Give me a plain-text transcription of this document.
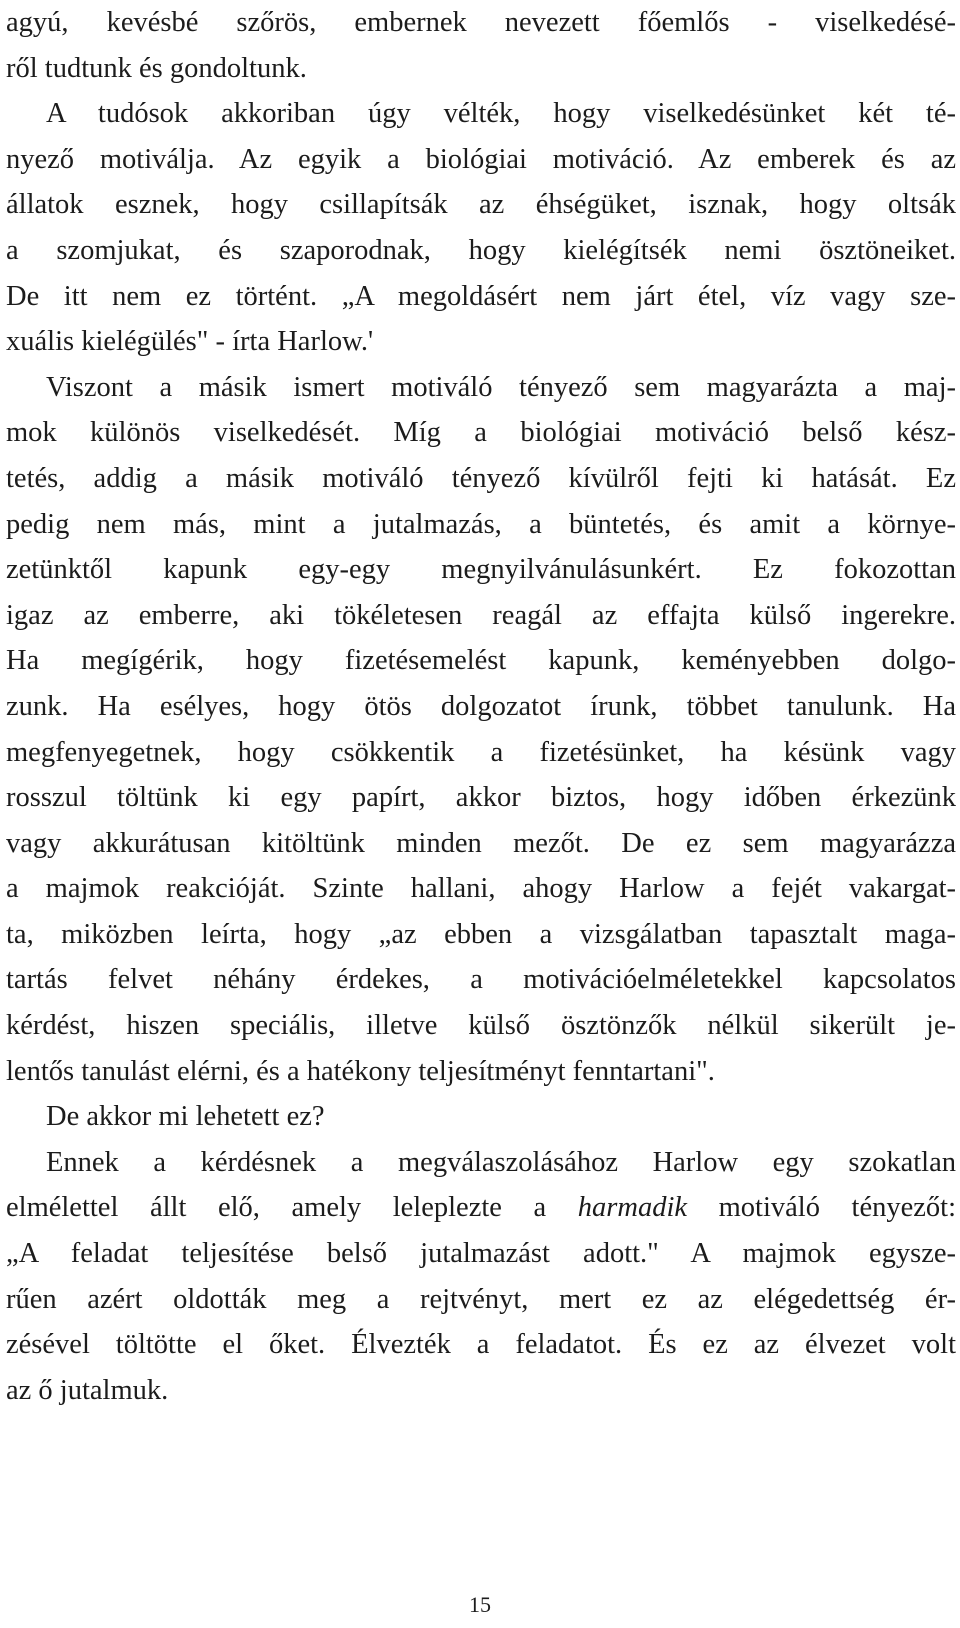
agyú, kevésbé szőrös, embernek nevezett főemlős - viselkedésé-
ről tudtunk és gondoltunk.
A tudósok akkoriban úgy vélték, hogy viselkedésünket két té-
nyező motiválja. Az egyik a biológiai motiváció. Az emberek és az
állatok esznek, hogy csillapítsák az éhségüket, isznak, hogy oltsák
a szomjukat, és szaporodnak, hogy kielégítsék nemi ösztöneiket.
De itt nem ez történt. „A megoldásért nem járt étel, víz vagy sze-
xuális kielégülés" - írta Harlow.'
Viszont a másik ismert motiváló tényező sem magyarázta a maj-
mok különös viselkedését. Míg a biológiai motiváció belső kész-
tetés, addig a másik motiváló tényező kívülről fejti ki hatását. Ez
pedig nem más, mint a jutalmazás, a büntetés, és amit a környe-
zetünktől kapunk egy-egy megnyilvánulásunkért. Ez fokozottan
igaz az emberre, aki tökéletesen reagál az effajta külső ingerekre.
Ha megígérik, hogy fizetésemelést kapunk, keményebben dolgo-
zunk. Ha esélyes, hogy ötös dolgozatot írunk, többet tanulunk. Ha
megfenyegetnek, hogy csökkentik a fizetésünket, ha késünk vagy
rosszul töltünk ki egy papírt, akkor biztos, hogy időben érkezünk
vagy akkurátusan kitöltünk minden mezőt. De ez sem magyarázza
a majmok reakcióját. Szinte hallani, ahogy Harlow a fejét vakargat-
ta, miközben leírta, hogy „az ebben a vizsgálatban tapasztalt maga-
tartás felvet néhány érdekes, a motivációelméletekkel kapcsolatos
kérdést, hiszen speciális, illetve külső ösztönzők nélkül sikerült je-
lentős tanulást elérni, és a hatékony teljesítményt fenntartani".
De akkor mi lehetett ez?
Ennek a kérdésnek a megválaszolásához Harlow egy szokatlan
elmélettel állt elő, amely leleplezte a harmadik motiváló tényezőt:
„A feladat teljesítése belső jutalmazást adott." A majmok egysze-
rűen azért oldották meg a rejtvényt, mert ez az elégedettség ér-
zésével töltötte el őket. Élvezték a feladatot. És ez az élvezet volt
az ő jutalmuk.
15
